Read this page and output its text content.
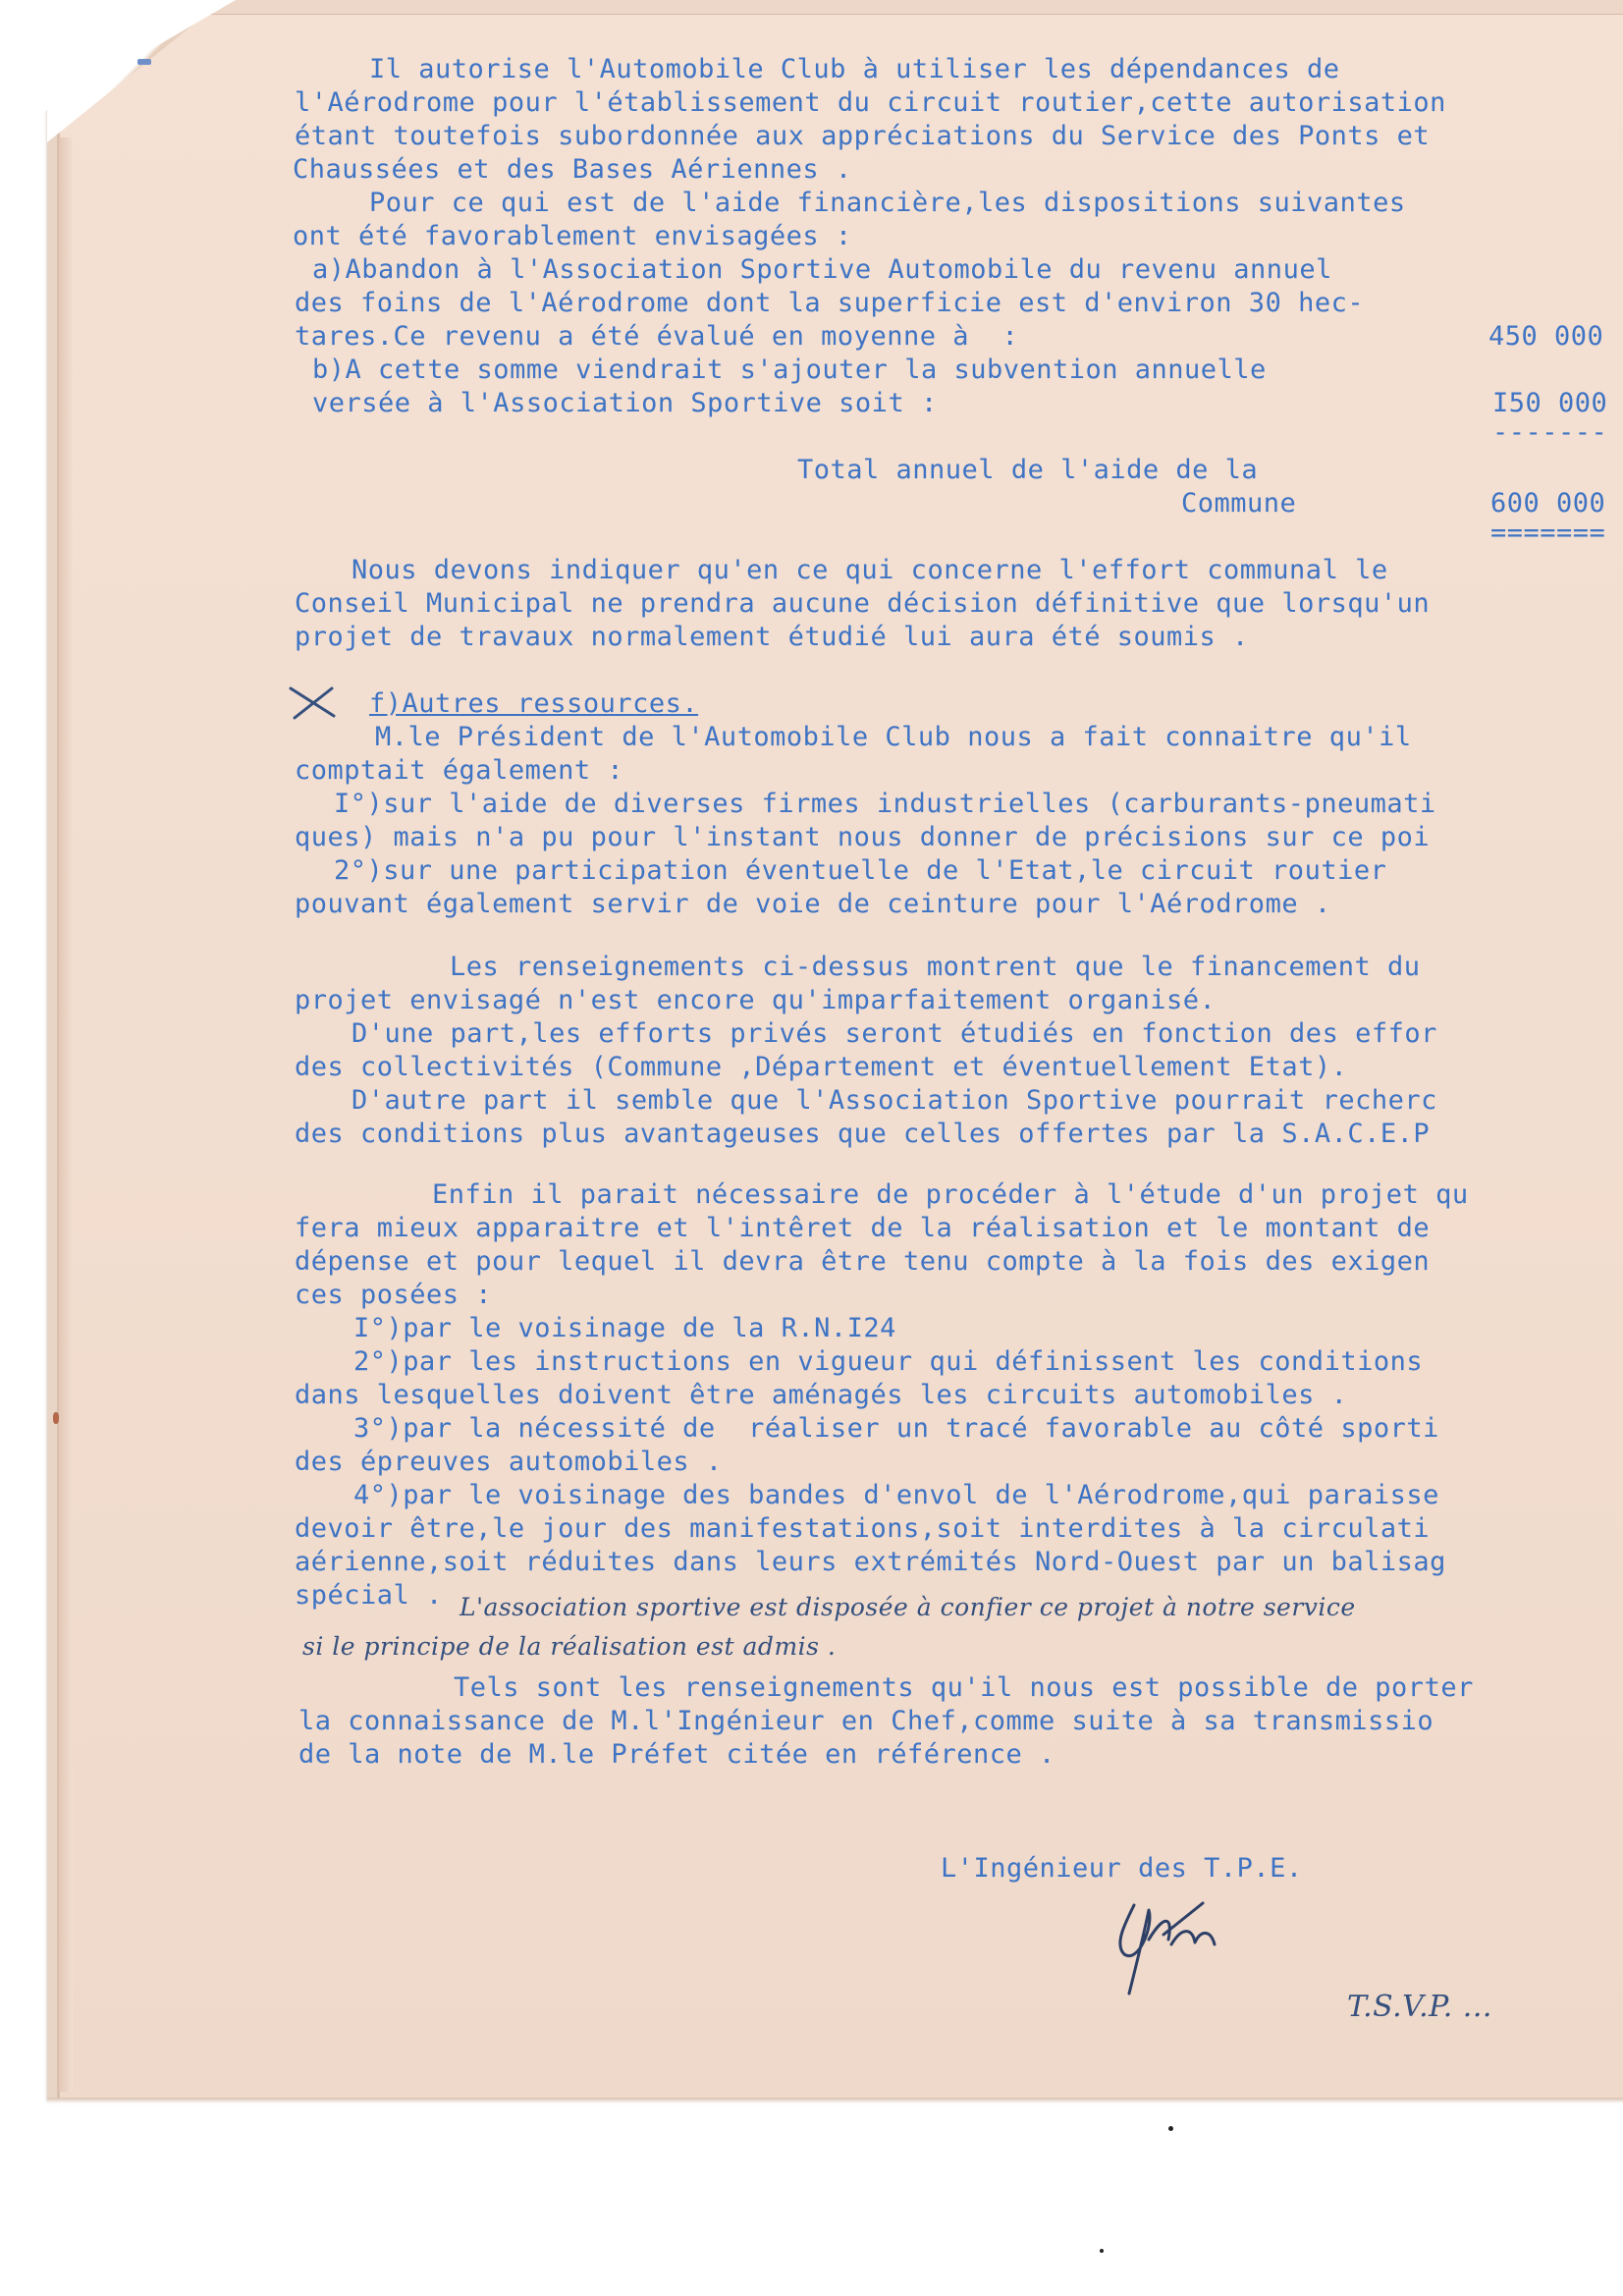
Il autorise l'Automobile Club à utiliser les dépendances de
l'Aérodrome pour l'établissement du circuit routier,cette autorisation
étant toutefois subordonnée aux appréciations du Service des Ponts et
Chaussées et des Bases Aériennes .
Pour ce qui est de l'aide financière,les dispositions suivantes
ont été favorablement envisagées :
a)Abandon à l'Association Sportive Automobile du revenu annuel
des foins de l'Aérodrome dont la superficie est d'environ 30 hec-
tares.Ce revenu a été évalué en moyenne à  :	450 000
b)A cette somme viendrait s'ajouter la subvention annuelle
versée à l'Association Sportive soit :	I50 000
-------
Total annuel de l'aide de la
Commune	600 000
=======
Nous devons indiquer qu'en ce qui concerne l'effort communal le
Conseil Municipal ne prendra aucune décision définitive que lorsqu'un
projet de travaux normalement étudié lui aura été soumis .
f)Autres ressources.
M.le Président de l'Automobile Club nous a fait connaitre qu'il
comptait également :
I°)sur l'aide de diverses firmes industrielles (carburants-pneumati
ques) mais n'a pu pour l'instant nous donner de précisions sur ce poi
2°)sur une participation éventuelle de l'Etat,le circuit routier
pouvant également servir de voie de ceinture pour l'Aérodrome .
Les renseignements ci-dessus montrent que le financement du
projet envisagé n'est encore qu'imparfaitement organisé.
D'une part,les efforts privés seront étudiés en fonction des effor
des collectivités (Commune ,Département et éventuellement Etat).
D'autre part il semble que l'Association Sportive pourrait recherc
des conditions plus avantageuses que celles offertes par la S.A.C.E.P
Enfin il parait nécessaire de procéder à l'étude d'un projet qu
fera mieux apparaitre et l'intêret de la réalisation et le montant de
dépense et pour lequel il devra être tenu compte à la fois des exigen
ces posées :
I°)par le voisinage de la R.N.I24
2°)par les instructions en vigueur qui définissent les conditions
dans lesquelles doivent être aménagés les circuits automobiles .
3°)par la nécessité de  réaliser un tracé favorable au côté sporti
des épreuves automobiles .
4°)par le voisinage des bandes d'envol de l'Aérodrome,qui paraisse
devoir être,le jour des manifestations,soit interdites à la circulati
aérienne,soit réduites dans leurs extrémités Nord-Ouest par un balisag
spécial . L'association sportive est disposée à confier ce projet à notre service
si le principe de la réalisation est admis .
Tels sont les renseignements qu'il nous est possible de porter
la connaissance de M.l'Ingénieur en Chef,comme suite à sa transmissio
de la note de M.le Préfet citée en référence .
L'Ingénieur des T.P.E.
T.S.V.P. ...
